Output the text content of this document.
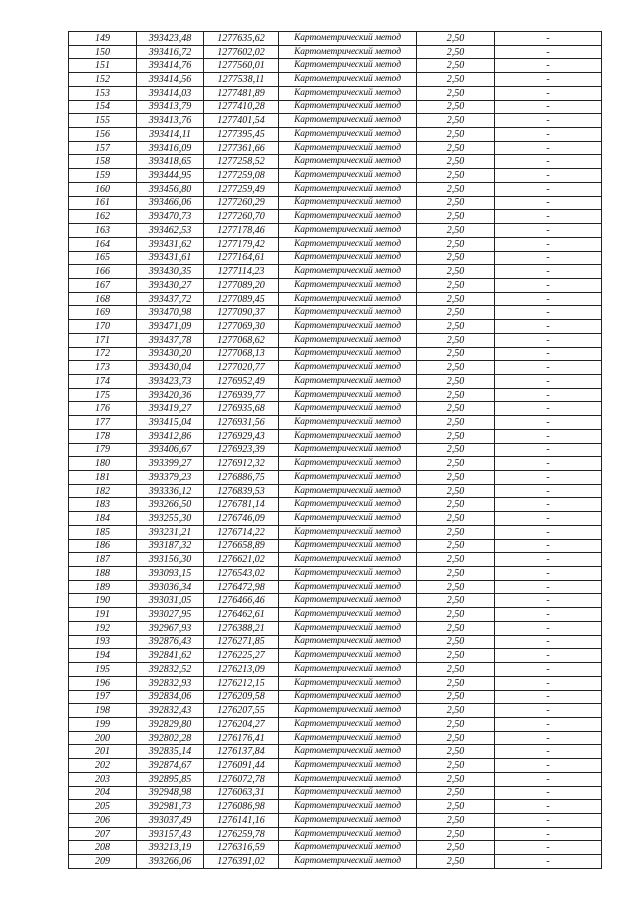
149	393423,48	1277635,62	Картометрический метод	2,50	-
150	393416,72	1277602,02	Картометрический метод	2,50	-
151	393414,76	1277560,01	Картометрический метод	2,50	-
152	393414,56	1277538,11	Картометрический метод	2,50	-
153	393414,03	1277481,89	Картометрический метод	2,50	-
154	393413,79	1277410,28	Картометрический метод	2,50	-
155	393413,76	1277401,54	Картометрический метод	2,50	-
156	393414,11	1277395,45	Картометрический метод	2,50	-
157	393416,09	1277361,66	Картометрический метод	2,50	-
158	393418,65	1277258,52	Картометрический метод	2,50	-
159	393444,95	1277259,08	Картометрический метод	2,50	-
160	393456,80	1277259,49	Картометрический метод	2,50	-
161	393466,06	1277260,29	Картометрический метод	2,50	-
162	393470,73	1277260,70	Картометрический метод	2,50	-
163	393462,53	1277178,46	Картометрический метод	2,50	-
164	393431,62	1277179,42	Картометрический метод	2,50	-
165	393431,61	1277164,61	Картометрический метод	2,50	-
166	393430,35	1277114,23	Картометрический метод	2,50	-
167	393430,27	1277089,20	Картометрический метод	2,50	-
168	393437,72	1277089,45	Картометрический метод	2,50	-
169	393470,98	1277090,37	Картометрический метод	2,50	-
170	393471,09	1277069,30	Картометрический метод	2,50	-
171	393437,78	1277068,62	Картометрический метод	2,50	-
172	393430,20	1277068,13	Картометрический метод	2,50	-
173	393430,04	1277020,77	Картометрический метод	2,50	-
174	393423,73	1276952,49	Картометрический метод	2,50	-
175	393420,36	1276939,77	Картометрический метод	2,50	-
176	393419,27	1276935,68	Картометрический метод	2,50	-
177	393415,04	1276931,56	Картометрический метод	2,50	-
178	393412,86	1276929,43	Картометрический метод	2,50	-
179	393406,67	1276923,39	Картометрический метод	2,50	-
180	393399,27	1276912,32	Картометрический метод	2,50	-
181	393379,23	1276886,75	Картометрический метод	2,50	-
182	393336,12	1276839,53	Картометрический метод	2,50	-
183	393266,50	1276781,14	Картометрический метод	2,50	-
184	393255,30	1276746,09	Картометрический метод	2,50	-
185	393231,21	1276714,22	Картометрический метод	2,50	-
186	393187,32	1276658,89	Картометрический метод	2,50	-
187	393156,30	1276621,02	Картометрический метод	2,50	-
188	393093,15	1276543,02	Картометрический метод	2,50	-
189	393036,34	1276472,98	Картометрический метод	2,50	-
190	393031,05	1276466,46	Картометрический метод	2,50	-
191	393027,95	1276462,61	Картометрический метод	2,50	-
192	392967,93	1276388,21	Картометрический метод	2,50	-
193	392876,43	1276271,85	Картометрический метод	2,50	-
194	392841,62	1276225,27	Картометрический метод	2,50	-
195	392832,52	1276213,09	Картометрический метод	2,50	-
196	392832,93	1276212,15	Картометрический метод	2,50	-
197	392834,06	1276209,58	Картометрический метод	2,50	-
198	392832,43	1276207,55	Картометрический метод	2,50	-
199	392829,80	1276204,27	Картометрический метод	2,50	-
200	392802,28	1276176,41	Картометрический метод	2,50	-
201	392835,14	1276137,84	Картометрический метод	2,50	-
202	392874,67	1276091,44	Картометрический метод	2,50	-
203	392895,85	1276072,78	Картометрический метод	2,50	-
204	392948,98	1276063,31	Картометрический метод	2,50	-
205	392981,73	1276086,98	Картометрический метод	2,50	-
206	393037,49	1276141,16	Картометрический метод	2,50	-
207	393157,43	1276259,78	Картометрический метод	2,50	-
208	393213,19	1276316,59	Картометрический метод	2,50	-
209	393266,06	1276391,02	Картометрический метод	2,50	-
